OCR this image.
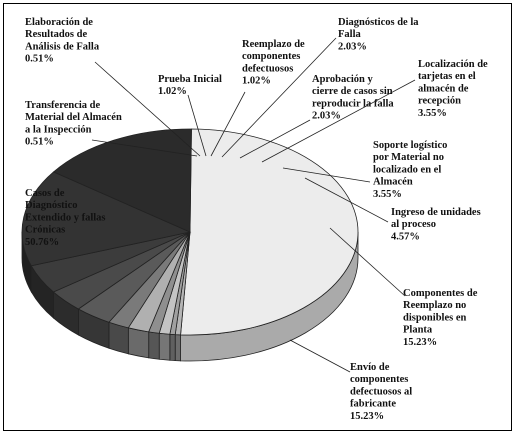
Casos de Diagnóstico Extendido y fallas Crónicas 50.76%
Transferencia de Material del Almacén a la Inspección 0.51%
Elaboración de Resultados de Análisis de Falla 0.51%
Prueba Inicial 1.02%
Reemplazo de componentes defectuosos 1.02%
Diagnósticos de la Falla 2.03%
Aprobación y cierre de casos sin reproducir la falla 2.03%
Localización de tarjetas en el almacén de recepción 3.55%
Soporte logístico por Material no localizado en el Almacén 3.55%
Ingreso de unidades al proceso 4.57%
Componentes de Reemplazo no disponibles en Planta 15.23%
Envío de componentes defectuosos al fabricante 15.23%
